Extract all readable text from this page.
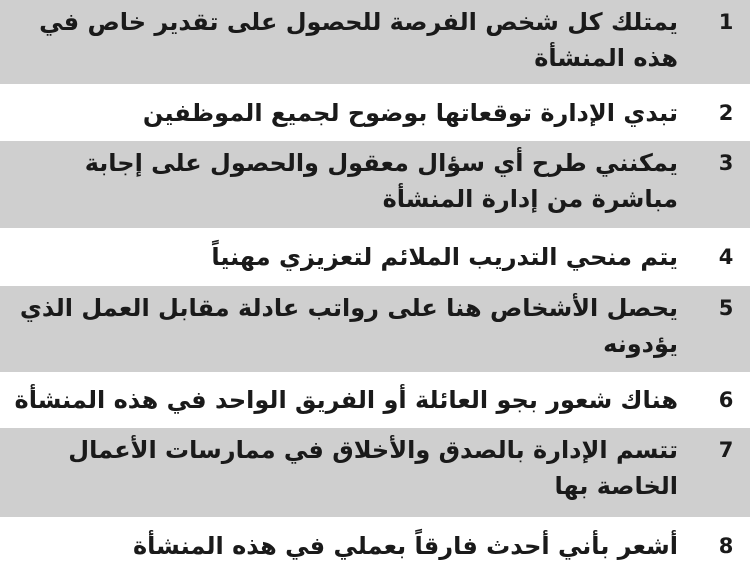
1
يمتلك كل شخص الفرصة للحصول على تقدير خاص في هذه المنشأة
2
تبدي الإدارة توقعاتها بوضوح لجميع الموظفين
3
يمكنني طرح أي سؤال معقول والحصول على إجابة مباشرة من إدارة المنشأة
4
يتم منحي التدريب الملائم لتعزيزي مهنياً
5
يحصل الأشخاص هنا على رواتب عادلة مقابل العمل الذي يؤدونه
6
هناك شعور بجو العائلة أو الفريق الواحد في هذه المنشأة
7
تتسم الإدارة بالصدق والأخلاق في ممارسات الأعمال الخاصة بها
8
أشعر بأني أحدث فارقاً بعملي في هذه المنشأة
